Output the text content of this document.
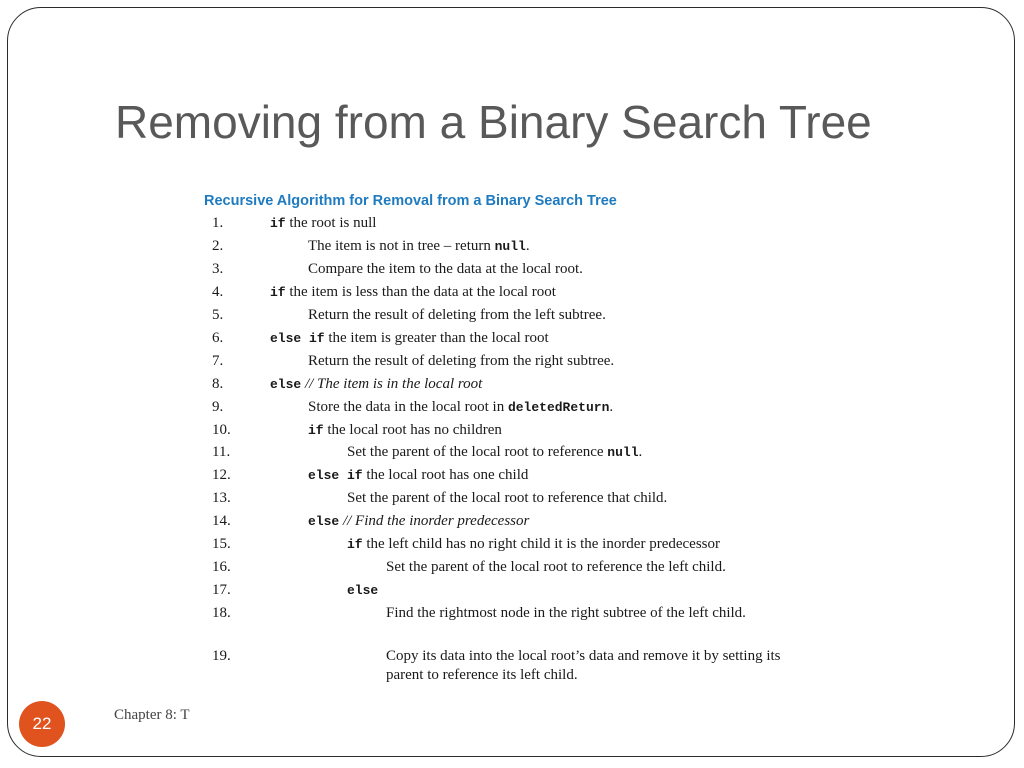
Removing from a Binary Search Tree
Recursive Algorithm for Removal from a Binary Search Tree
1.	if the root is null
2.	The item is not in tree – return null.
3.	Compare the item to the data at the local root.
4.	if the item is less than the data at the local root
5.	Return the result of deleting from the left subtree.
6.	else if the item is greater than the local root
7.	Return the result of deleting from the right subtree.
8.	else // The item is in the local root
9.	Store the data in the local root in deletedReturn.
10.	if the local root has no children
11.	Set the parent of the local root to reference null.
12.	else if the local root has one child
13.	Set the parent of the local root to reference that child.
14.	else // Find the inorder predecessor
15.	if the left child has no right child it is the inorder predecessor
16.	Set the parent of the local root to reference the left child.
17.	else
18.	Find the rightmost node in the right subtree of the left child.
19.	Copy its data into the local root’s data and remove it by setting its parent to reference its left child.
22	Chapter 8: T
